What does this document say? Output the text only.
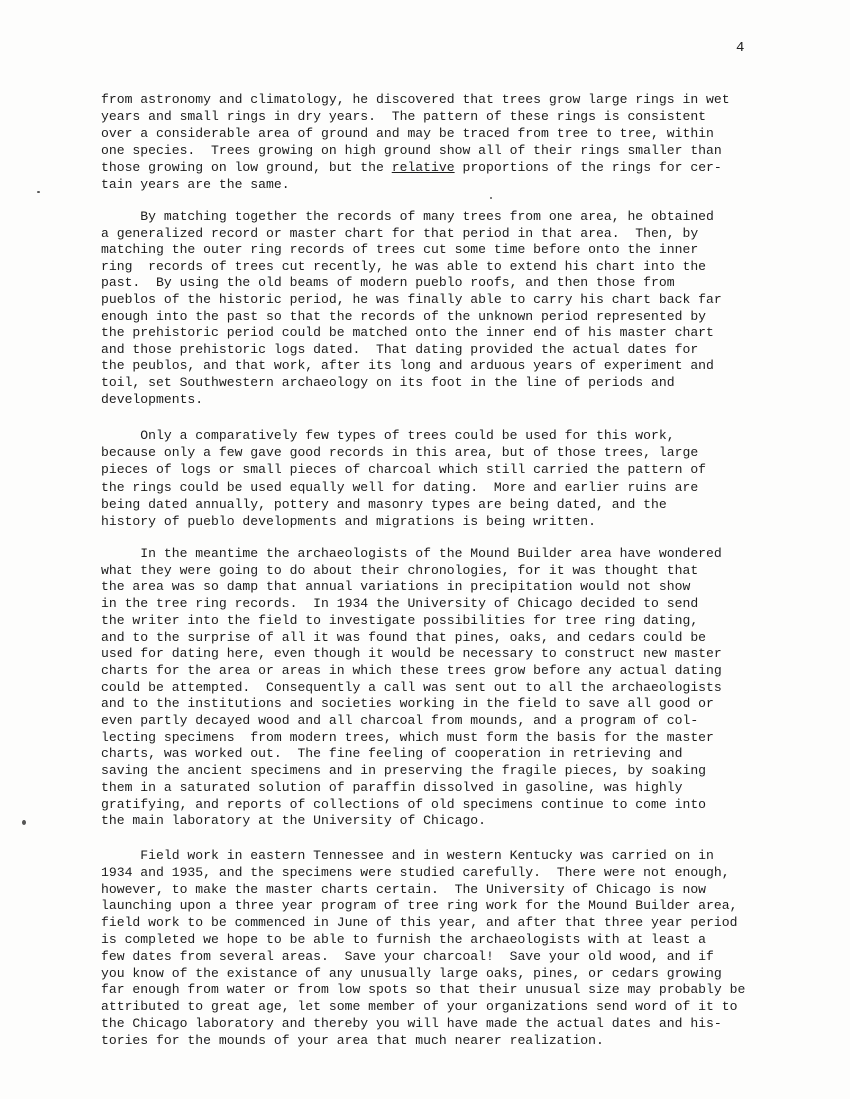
4
from astronomy and climatology, he discovered that trees grow large rings in wet
years and small rings in dry years.  The pattern of these rings is consistent
over a considerable area of ground and may be traced from tree to tree, within
one species.  Trees growing on high ground show all of their rings smaller than
those growing on low ground, but the relative proportions of the rings for cer-
tain years are the same.
By matching together the records of many trees from one area, he obtained
a generalized record or master chart for that period in that area.  Then, by
matching the outer ring records of trees cut some time before onto the inner
ring  records of trees cut recently, he was able to extend his chart into the
past.  By using the old beams of modern pueblo roofs, and then those from
pueblos of the historic period, he was finally able to carry his chart back far
enough into the past so that the records of the unknown period represented by
the prehistoric period could be matched onto the inner end of his master chart
and those prehistoric logs dated.  That dating provided the actual dates for
the peublos, and that work, after its long and arduous years of experiment and
toil, set Southwestern archaeology on its foot in the line of periods and
developments.
Only a comparatively few types of trees could be used for this work,
because only a few gave good records in this area, but of those trees, large
pieces of logs or small pieces of charcoal which still carried the pattern of
the rings could be used equally well for dating.  More and earlier ruins are
being dated annually, pottery and masonry types are being dated, and the
history of pueblo developments and migrations is being written.
In the meantime the archaeologists of the Mound Builder area have wondered
what they were going to do about their chronologies, for it was thought that
the area was so damp that annual variations in precipitation would not show
in the tree ring records.  In 1934 the University of Chicago decided to send
the writer into the field to investigate possibilities for tree ring dating,
and to the surprise of all it was found that pines, oaks, and cedars could be
used for dating here, even though it would be necessary to construct new master
charts for the area or areas in which these trees grow before any actual dating
could be attempted.  Consequently a call was sent out to all the archaeologists
and to the institutions and societies working in the field to save all good or
even partly decayed wood and all charcoal from mounds, and a program of col-
lecting specimens  from modern trees, which must form the basis for the master
charts, was worked out.  The fine feeling of cooperation in retrieving and
saving the ancient specimens and in preserving the fragile pieces, by soaking
them in a saturated solution of paraffin dissolved in gasoline, was highly
gratifying, and reports of collections of old specimens continue to come into
the main laboratory at the University of Chicago.
Field work in eastern Tennessee and in western Kentucky was carried on in
1934 and 1935, and the specimens were studied carefully.  There were not enough,
however, to make the master charts certain.  The University of Chicago is now
launching upon a three year program of tree ring work for the Mound Builder area,
field work to be commenced in June of this year, and after that three year period
is completed we hope to be able to furnish the archaeologists with at least a
few dates from several areas.  Save your charcoal!  Save your old wood, and if
you know of the existance of any unusually large oaks, pines, or cedars growing
far enough from water or from low spots so that their unusual size may probably be
attributed to great age, let some member of your organizations send word of it to
the Chicago laboratory and thereby you will have made the actual dates and his-
tories for the mounds of your area that much nearer realization.
